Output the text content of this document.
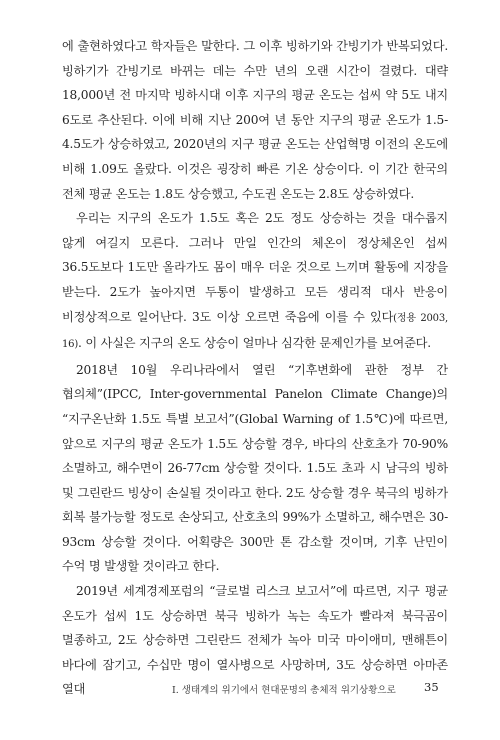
에 출현하였다고 학자들은 말한다. 그 이후 빙하기와 간빙기가 반복되었다. 빙하기가 간빙기로 바뀌는 데는 수만 년의 오랜 시간이 걸렸다. 대략 18,000년 전 마지막 빙하시대 이후 지구의 평균 온도는 섭씨 약 5도 내지 6도로 추산된다. 이에 비해 지난 200여 년 동안 지구의 평균 온도가 1.5-4.5도가 상승하였고, 2020년의 지구 평균 온도는 산업혁명 이전의 온도에 비해 1.09도 올랐다. 이것은 굉장히 빠른 기온 상승이다. 이 기간 한국의 전체 평균 온도는 1.8도 상승했고, 수도권 온도는 2.8도 상승하였다.

우리는 지구의 온도가 1.5도 혹은 2도 정도 상승하는 것을 대수롭지 않게 여길지 모른다. 그러나 만일 인간의 체온이 정상체온인 섭씨 36.5도보다 1도만 올라가도 몸이 매우 더운 것으로 느끼며 활동에 지장을 받는다. 2도가 높아지면 두통이 발생하고 모든 생리적 대사 반응이 비정상적으로 일어난다. 3도 이상 오르면 죽음에 이를 수 있다(정용 2003, 16). 이 사실은 지구의 온도 상승이 얼마나 심각한 문제인가를 보여준다.

2018년 10월 우리나라에서 열린 “기후변화에 관한 정부 간 협의체”(IPCC, Inter-governmental Panelon Climate Change)의 “지구온난화 1.5도 특별 보고서”(Global Warning of 1.5℃)에 따르면, 앞으로 지구의 평균 온도가 1.5도 상승할 경우, 바다의 산호초가 70-90% 소멸하고, 해수면이 26-77cm 상승할 것이다. 1.5도 초과 시 남극의 빙하 및 그린란드 빙상이 손실될 것이라고 한다. 2도 상승할 경우 북극의 빙하가 회복 불가능할 정도로 손상되고, 산호초의 99%가 소멸하고, 해수면은 30-93cm 상승할 것이다. 어획량은 300만 톤 감소할 것이며, 기후 난민이 수억 명 발생할 것이라고 한다.

2019년 세계경제포럼의 “글로벌 리스크 보고서”에 따르면, 지구 평균 온도가 섭씨 1도 상승하면 북극 빙하가 녹는 속도가 빨라져 북극곰이 멸종하고, 2도 상승하면 그린란드 전체가 녹아 미국 마이애미, 맨해튼이 바다에 잠기고, 수십만 명이 열사병으로 사망하며, 3도 상승하면 아마존 열대	I. 생태계의 위기에서 현대문명의 총체적 위기상황으로 35
